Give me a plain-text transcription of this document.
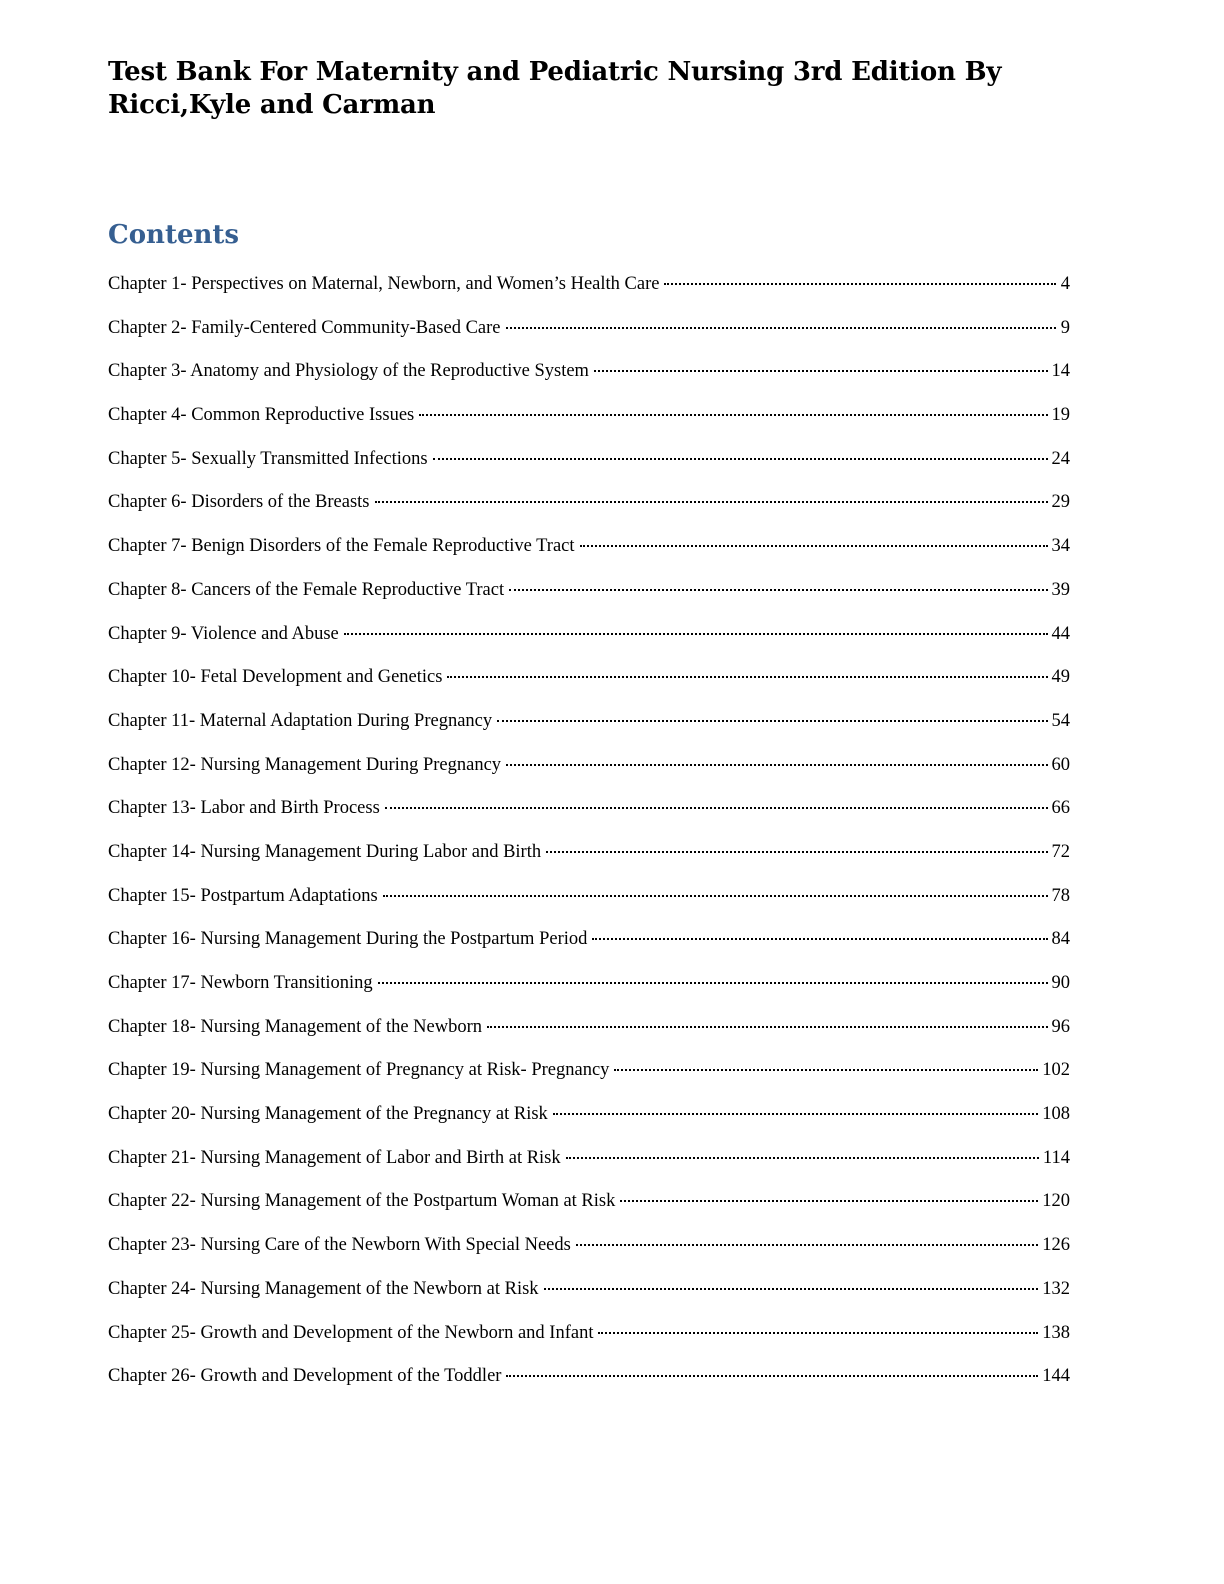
Test Bank For Maternity and Pediatric Nursing 3rd Edition By Ricci,Kyle and Carman
Contents
Chapter 1- Perspectives on Maternal, Newborn, and Women’s Health Care	4
Chapter 2- Family-Centered Community-Based Care	9
Chapter 3- Anatomy and Physiology of the Reproductive System	14
Chapter 4- Common Reproductive Issues	19
Chapter 5- Sexually Transmitted Infections	24
Chapter 6- Disorders of the Breasts	29
Chapter 7- Benign Disorders of the Female Reproductive Tract	34
Chapter 8- Cancers of the Female Reproductive Tract	39
Chapter 9- Violence and Abuse	44
Chapter 10- Fetal Development and Genetics	49
Chapter 11- Maternal Adaptation During Pregnancy	54
Chapter 12- Nursing Management During Pregnancy	60
Chapter 13- Labor and Birth Process	66
Chapter 14- Nursing Management During Labor and Birth	72
Chapter 15- Postpartum Adaptations	78
Chapter 16- Nursing Management During the Postpartum Period	84
Chapter 17- Newborn Transitioning	90
Chapter 18- Nursing Management of the Newborn	96
Chapter 19- Nursing Management of Pregnancy at Risk- Pregnancy	102
Chapter 20- Nursing Management of the Pregnancy at Risk	108
Chapter 21- Nursing Management of Labor and Birth at Risk	114
Chapter 22- Nursing Management of the Postpartum Woman at Risk	120
Chapter 23- Nursing Care of the Newborn With Special Needs	126
Chapter 24- Nursing Management of the Newborn at Risk	132
Chapter 25- Growth and Development of the Newborn and Infant	138
Chapter 26- Growth and Development of the Toddler	144
